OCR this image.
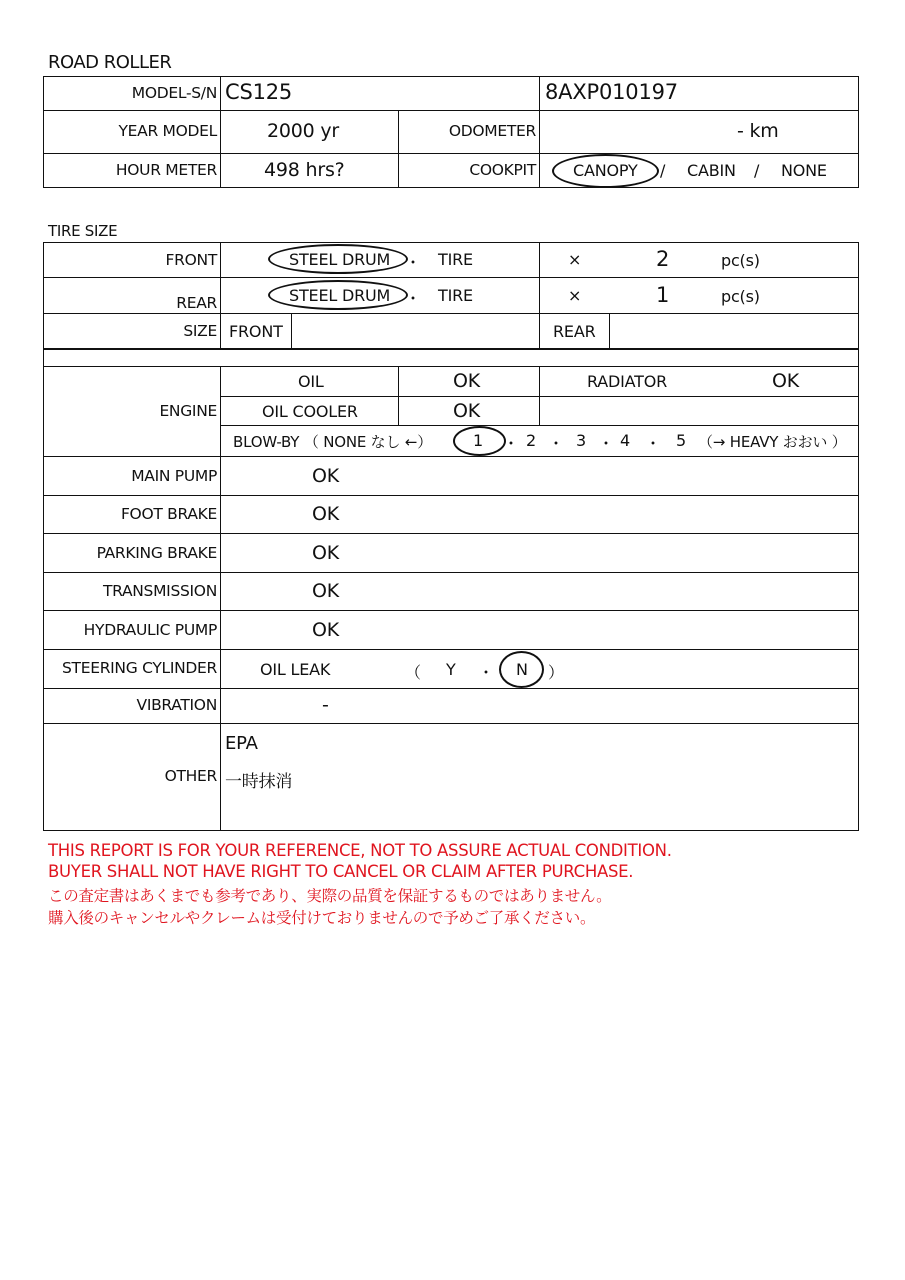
ROAD ROLLER
MODEL-S/N CS125	8AXP010197
YEAR MODEL	2000 yr	ODOMETER	- km
HOUR METER 498 hrs?	COOKPIT CANOPY / CABIN / NONE
TIRE SIZE
FRONT	STEEL DRUM ・ TIRE	×	2	pc(s)
REAR	STEEL DRUM ・ TIRE	×	1	pc(s)
SIZE FRONT	REAR
ENGINE
OIL	OK	RADIATOR	OK
OIL COOLER	OK
BLOW-BY （ NONE なし ←）	1 ・ 2 ・ 3 ・ 4 ・ 5 （→ HEAVY おおい ）
MAIN PUMP	OK
FOOT BRAKE	OK
PARKING BRAKE	OK
TRANSMISSION	OK
HYDRAULIC PUMP	OK
STEERING CYLINDER	OIL LEAK	（ Y ・ N ）
VIBRATION	-
OTHER
EPA
一時抹消
THIS REPORT IS FOR YOUR REFERENCE, NOT TO ASSURE ACTUAL CONDITION.
BUYER SHALL NOT HAVE RIGHT TO CANCEL OR CLAIM AFTER PURCHASE.
この査定書はあくまでも参考であり、実際の品質を保証するものではありません。
購入後のキャンセルやクレームは受付けておりませんので予めご了承ください。
